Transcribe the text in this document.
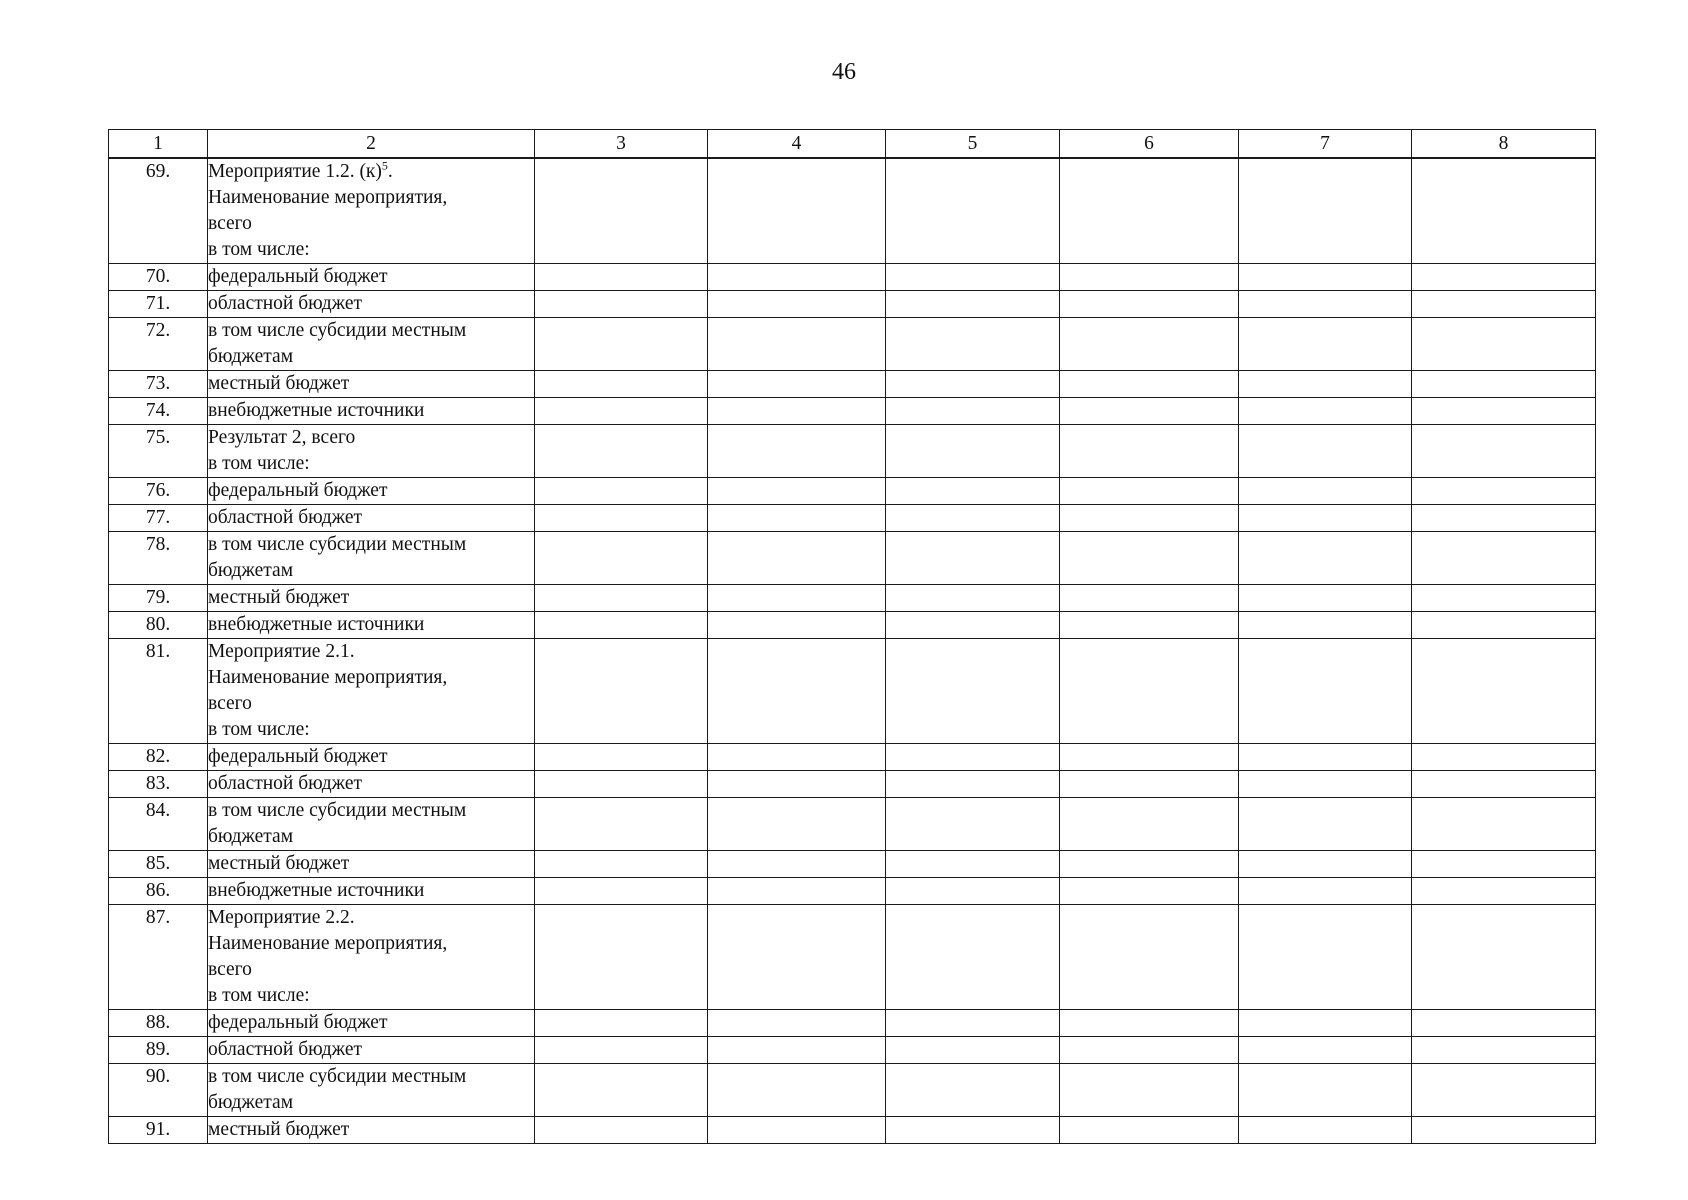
46
1	2	3	4	5	6	7	8
69.	Мероприятие 1.2. $(к)^5$.
Наименование мероприятия,
всего
в том числе:						
70.	федеральный бюджет						
71.	областной бюджет						
72.	в том числе субсидии местным
бюджетам						
73.	местный бюджет						
74.	внебюджетные источники						
75.	Результат 2, всего
в том числе:						
76.	федеральный бюджет						
77.	областной бюджет						
78.	в том числе субсидии местным
бюджетам						
79.	местный бюджет						
80.	внебюджетные источники						
81.	Мероприятие 2.1.
Наименование мероприятия,
всего
в том числе:						
82.	федеральный бюджет						
83.	областной бюджет						
84.	в том числе субсидии местным
бюджетам						
85.	местный бюджет						
86.	внебюджетные источники						
87.	Мероприятие 2.2.
Наименование мероприятия,
всего
в том числе:						
88.	федеральный бюджет						
89.	областной бюджет						
90.	в том числе субсидии местным
бюджетам						
91.	местный бюджет						
